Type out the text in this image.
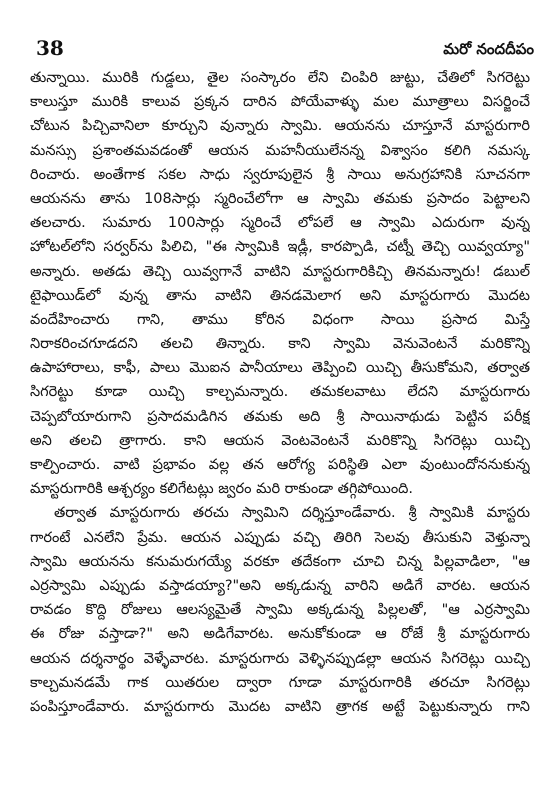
38	మరో నందదీపం
తున్నాయి. మురికి గుడ్డలు, తైల సంస్కారం లేని చింపిరి జుట్టు, చేతిలో సిగరెట్టు
కాలుస్తూ మురికి కాలువ ప్రక్కన దారిన పోయేవాళ్ళు మల మూత్రాలు విసర్జించే
చోటున పిచ్చివానిలా కూర్చుని వున్నారు స్వామి. ఆయనను చూస్తూనే మాస్టరుగారి
మనస్సు ప్రశాంతమవడంతో ఆయన మహనీయులేనన్న విశ్వాసం కలిగి నమస్క
రించారు. అంతేగాక సకల సాధు స్వరూపులైన శ్రీ సాయి అనుగ్రహానికి సూచనగా
ఆయనను తాను 108సార్లు స్మరించేలోగా ఆ స్వామి తమకు ప్రసాదం పెట్టాలని
తలచారు. సుమారు 100సార్లు స్మరించే లోపలే ఆ స్వామి ఎదురుగా వున్న
హోటల్‌లోని సర్వర్‌ను పిలిచి, "ఈ స్వామికి ఇడ్లీ, కారప్పొడి, చట్నీ తెచ్చి యివ్వయ్యా"
అన్నారు. అతడు తెచ్చి యివ్వగానే వాటిని మాస్టరుగారికిచ్చి తినమన్నారు! డబుల్
టైఫాయిడ్‌లో వున్న తాను వాటిని తినడమెలాగ అని మాస్టరుగారు మొదట
వందేహించారు గాని, తాము కోరిన విధంగా సాయి ప్రసాద మిస్తే
నిరాకరించగూడదని తలచి తిన్నారు. కాని స్వామి వెనువెంటనే మరికొన్ని
ఉపాహారాలు, కాఫీ, పాలు మొఐన పానీయాలు తెప్పించి యిచ్చి తీసుకోమని, తర్వాత
సిగరెట్టు కూడా యిచ్చి కాల్చమన్నారు. తమకలవాటు లేదని మాస్టరుగారు
చెప్పబోయారుగాని ప్రసాదమడిగిన తమకు అది శ్రీ సాయినాథుడు పెట్టిన పరీక్ష
అని తలచి త్రాగారు. కాని ఆయన వెంటవెంటనే మరికొన్ని సిగరెట్లు యిచ్చి
కాల్పించారు. వాటి ప్రభావం వల్ల తన ఆరోగ్య పరిస్థితి ఎలా వుంటుందోననుకున్న
మాస్టరుగారికి ఆశ్చర్యం కలిగేటట్లు జ్వరం మరి రాకుండా తగ్గిపోయింది.
తర్వాత మాస్టరుగారు తరచు స్వామిని దర్శిస్తూండేవారు. శ్రీ స్వామికి మాస్టరు
గారంటే ఎనలేని ప్రేమ. ఆయన ఎప్పుడు వచ్చి తిరిగి సెలవు తీసుకుని వెళ్తున్నా
స్వామి ఆయనను కనుమరుగయ్యే వరకూ తదేకంగా చూచి చిన్న పిల్లవాడిలా, "ఆ
ఎర్రస్వామి ఎప్పుడు వస్తాడయ్యా?"అని అక్కడున్న వారిని అడిగే వారట. ఆయన
రావడం కొద్ది రోజులు ఆలస్యమైతే స్వామి అక్కడున్న పిల్లలతో, "ఆ ఎర్రస్వామి
ఈ రోజు వస్తాడా?" అని అడిగేవారట. అనుకోకుండా ఆ రోజే శ్రీ మాస్టరుగారు
ఆయన దర్శనార్థం వెళ్ళేవారట. మాస్టరుగారు వెళ్ళినప్పుడల్లా ఆయన సిగరెట్లు యిచ్చి
కాల్చమనడమే గాక యితరుల ద్వారా గూడా మాస్టరుగారికి తరచూ సిగరెట్లు
పంపిస్తూండేవారు. మాస్టరుగారు మొదట వాటిని త్రాగక అట్టే పెట్టుకున్నారు గాని
